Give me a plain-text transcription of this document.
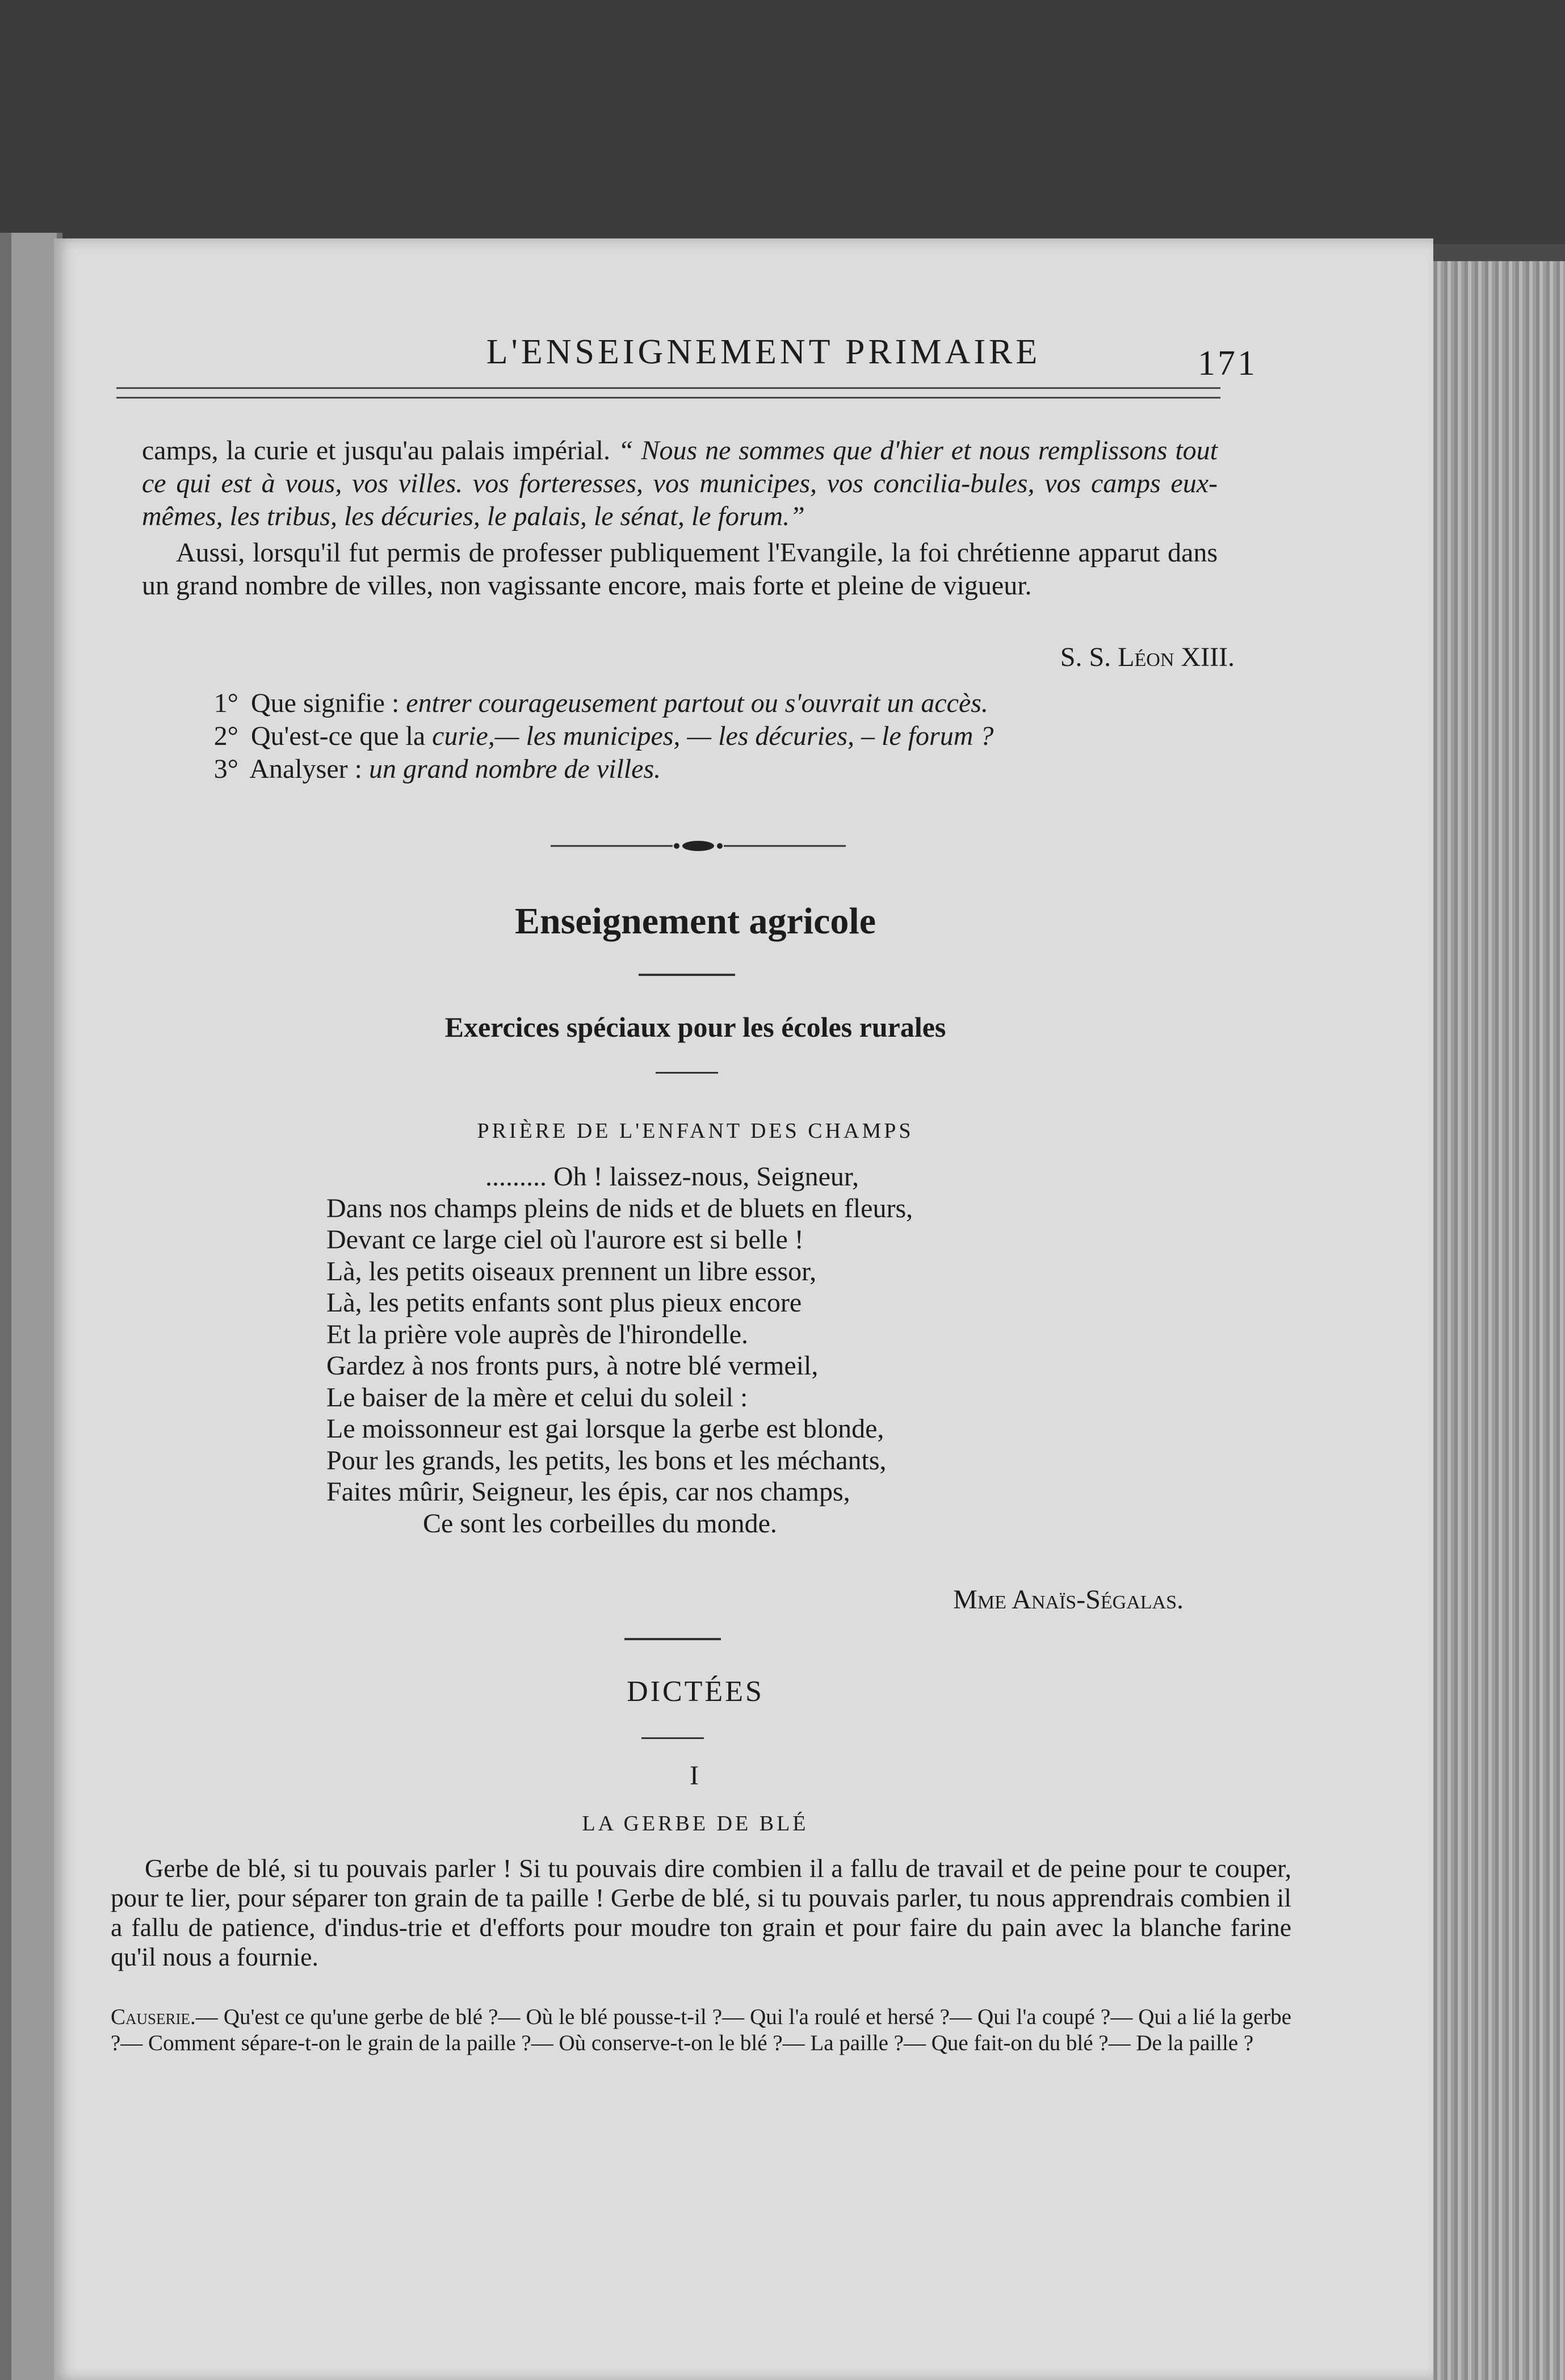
L'ENSEIGNEMENT PRIMAIRE	171

camps, la curie et jusqu'au palais impérial. “ Nous ne sommes que d'hier et nous remplissons tout ce qui est à vous, vos villes. vos forteresses, vos municipes, vos concilia-bules, vos camps eux-mêmes, les tribus, les décuries, le palais, le sénat, le forum.”

Aussi, lorsqu'il fut permis de professer publiquement l'Evangile, la foi chrétienne apparut dans un grand nombre de villes, non vagissante encore, mais forte et pleine de vigueur.

S. S. Léon XIII.
1° Que signifie : entrer courageusement partout ou s'ouvrait un accès.
2° Qu'est-ce que la curie,— les municipes, — les décuries, – le forum ?
3° Analyser : un grand nombre de villes.
Enseignement agricole
Exercices spéciaux pour les écoles rurales
PRIÈRE DE L'ENFANT DES CHAMPS
......... Oh ! laissez-nous, Seigneur,
Dans nos champs pleins de nids et de bluets en fleurs,
Devant ce large ciel où l'aurore est si belle !
Là, les petits oiseaux prennent un libre essor,
Là, les petits enfants sont plus pieux encore
Et la prière vole auprès de l'hirondelle.
Gardez à nos fronts purs, à notre blé vermeil,
Le baiser de la mère et celui du soleil :
Le moissonneur est gai lorsque la gerbe est blonde,
Pour les grands, les petits, les bons et les méchants,
Faites mûrir, Seigneur, les épis, car nos champs,
Ce sont les corbeilles du monde.
Mme Anaïs-Ségalas.
DICTÉES
I
LA GERBE DE BLÉ

Gerbe de blé, si tu pouvais parler ! Si tu pouvais dire combien il a fallu de travail et de peine pour te couper, pour te lier, pour séparer ton grain de ta paille ! Gerbe de blé, si tu pouvais parler, tu nous apprendrais combien il a fallu de patience, d'indus-trie et d'efforts pour moudre ton grain et pour faire du pain avec la blanche farine qu'il nous a fournie.

Causerie.— Qu'est ce qu'une gerbe de blé ?— Où le blé pousse-t-il ?— Qui l'a roulé et hersé ?— Qui l'a coupé ?— Qui a lié la gerbe ?— Comment sépare-t-on le grain de la paille ?— Où conserve-t-on le blé ?— La paille ?— Que fait-on du blé ?— De la paille ?
